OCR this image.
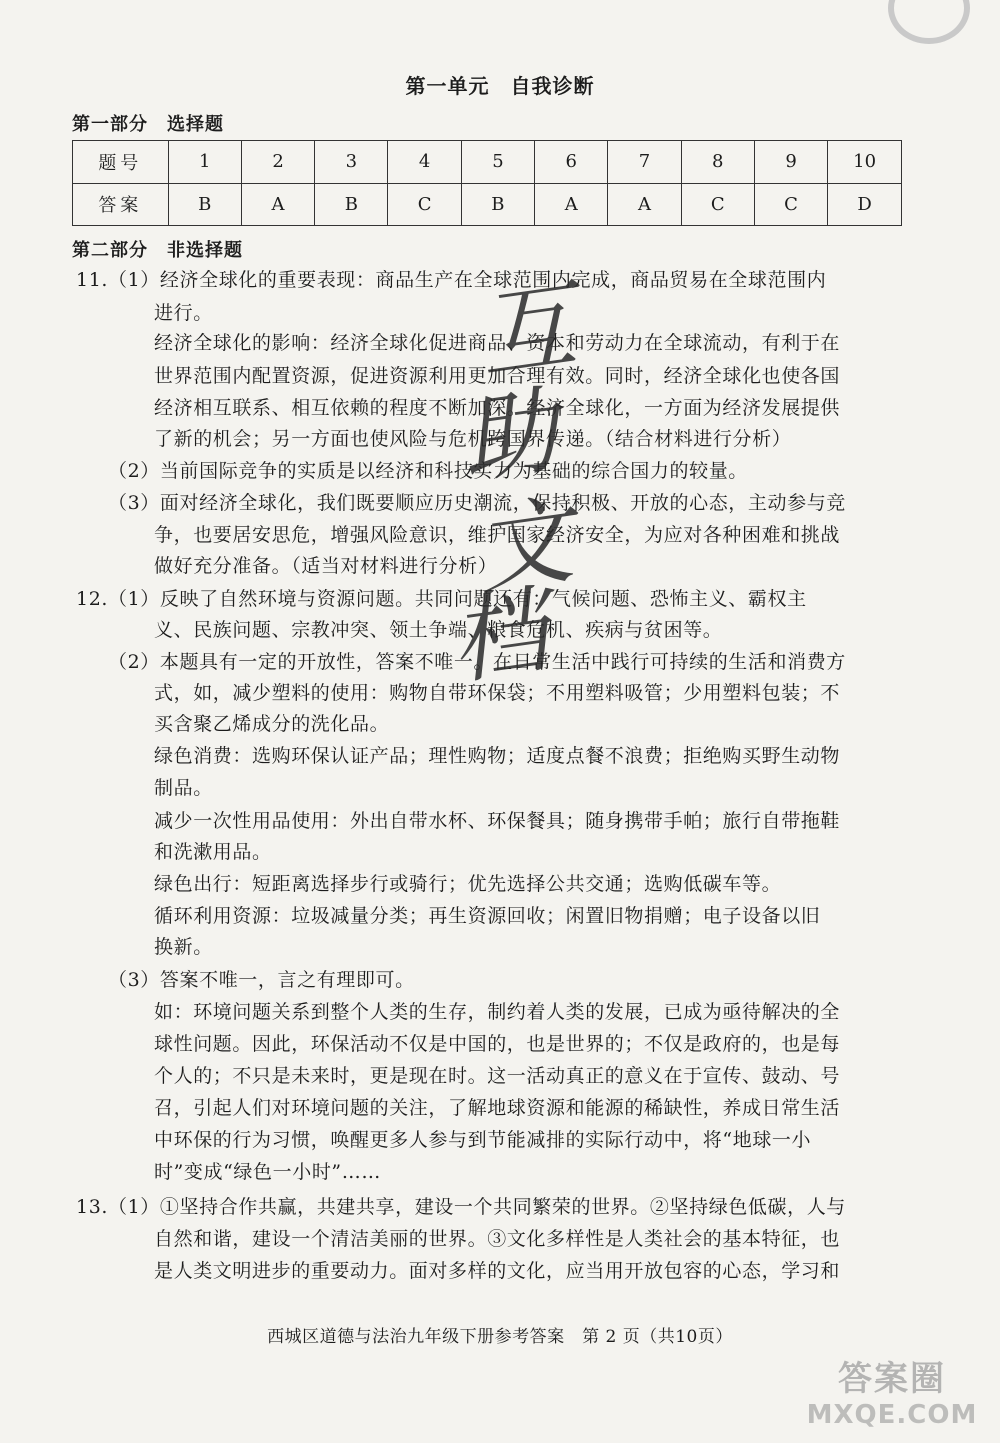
第一单元　自我诊断
第一部分　选择题
题号	1	2	3	4	5	6	7	8	9	10
答案	B	A	B	C	B	A	A	C	C	D
第二部分　非选择题
11.（1）经济全球化的重要表现：商品生产在全球范围内完成，商品贸易在全球范围内
进行。
经济全球化的影响：经济全球化促进商品、资本和劳动力在全球流动，有利于在
世界范围内配置资源，促进资源利用更加合理有效。同时，经济全球化也使各国
经济相互联系、相互依赖的程度不断加深。经济全球化，一方面为经济发展提供
了新的机会；另一方面也使风险与危机跨国界传递。（结合材料进行分析）
（2）当前国际竞争的实质是以经济和科技实力为基础的综合国力的较量。
（3）面对经济全球化，我们既要顺应历史潮流，保持积极、开放的心态，主动参与竞
争，也要居安思危，增强风险意识，维护国家经济安全，为应对各种困难和挑战
做好充分准备。（适当对材料进行分析）
12.（1）反映了自然环境与资源问题。共同问题还有：气候问题、恐怖主义、霸权主
义、民族问题、宗教冲突、领土争端、粮食危机、疾病与贫困等。
（2）本题具有一定的开放性，答案不唯一。在日常生活中践行可持续的生活和消费方
式，如，减少塑料的使用：购物自带环保袋；不用塑料吸管；少用塑料包装；不
买含聚乙烯成分的洗化品。
绿色消费：选购环保认证产品；理性购物；适度点餐不浪费；拒绝购买野生动物
制品。
减少一次性用品使用：外出自带水杯、环保餐具；随身携带手帕；旅行自带拖鞋
和洗漱用品。
绿色出行：短距离选择步行或骑行；优先选择公共交通；选购低碳车等。
循环利用资源：垃圾减量分类；再生资源回收；闲置旧物捐赠；电子设备以旧
换新。
（3）答案不唯一，言之有理即可。
如：环境问题关系到整个人类的生存，制约着人类的发展，已成为亟待解决的全
球性问题。因此，环保活动不仅是中国的，也是世界的；不仅是政府的，也是每
个人的；不只是未来时，更是现在时。这一活动真正的意义在于宣传、鼓动、号
召，引起人们对环境问题的关注，了解地球资源和能源的稀缺性，养成日常生活
中环保的行为习惯，唤醒更多人参与到节能减排的实际行动中，将“地球一小
时”变成“绿色一小时”……
13.（1）①坚持合作共赢，共建共享，建设一个共同繁荣的世界。②坚持绿色低碳，人与
自然和谐，建设一个清洁美丽的世界。③文化多样性是人类社会的基本特征，也
是人类文明进步的重要动力。面对多样的文化，应当用开放包容的心态，学习和
西城区道德与法治九年级下册参考答案　第 2 页（共10页）
互
助
文
档
答案圈
MXQE.COM
